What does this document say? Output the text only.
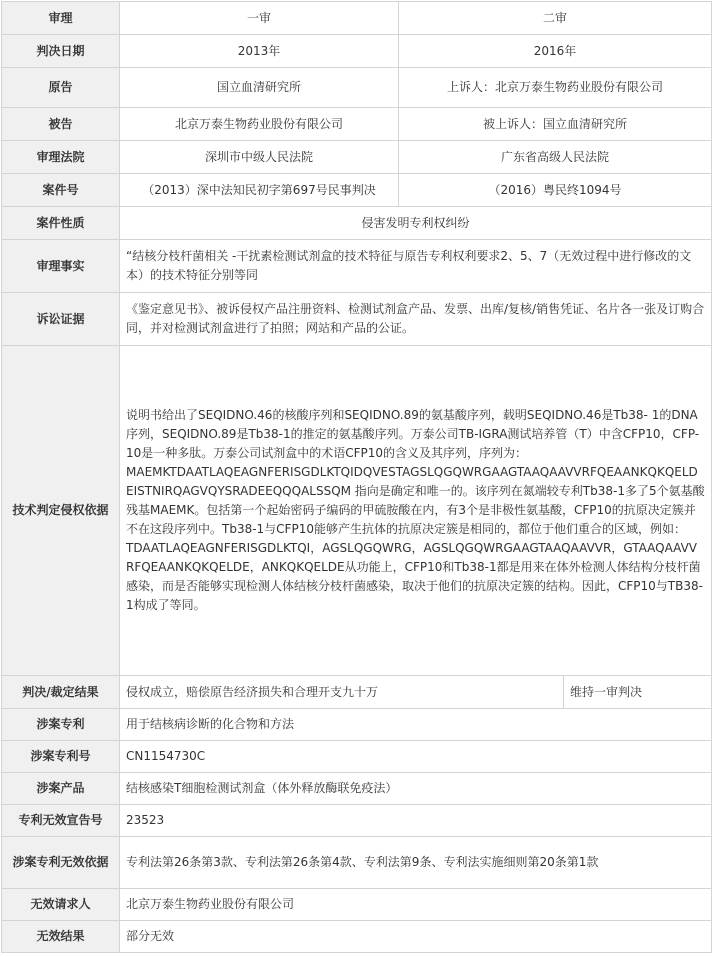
审理	一审	二审	
判决日期	2013年	2016年	
原告	国立血清研究所	上诉人：北京万泰生物药业股份有限公司	
被告	北京万泰生物药业股份有限公司	被上诉人：国立血清研究所	
审理法院	深圳市中级人民法院	广东省高级人民法院	
案件号	（2013）深中法知民初字第697号民事判决	（2016）粤民终1094号	
案件性质	侵害发明专利权纠纷		
审理事实	“结核分枝杆菌相关 -干扰素检测试剂盒的技术特征与原告专利权利要求2、5、7（无效过程中进行修改的文本）的技术特征分别等同		
诉讼证据	《鉴定意见书》、被诉侵权产品注册资料、检测试剂盒产品、发票、出库/复核/销售凭证、名片各一张及订购合同，并对检测试剂盒进行了拍照；网站和产品的公证。		
技术判定侵权依据	说明书给出了SEQIDNO.46的核酸序列和SEQIDNO.89的氨基酸序列，载明SEQIDNO.46是Tb38- 1的DNA序列，SEQIDNO.89是Tb38-1的推定的氨基酸序列。万泰公司TB-IGRA测试培养管（T）中含CFP10，CFP- 10是一种多肽。万泰公司试剂盒中的术语CFP10的含义及其序列，序列为：
MAEMKTDAATLAQEAGNFERISGDLKTQIDQVESTAGSLQGQWRGAAGTAAQAAVVRFQEAANKQKQELDEISTNIRQAGVQYSRADEEQQQALSSQM 指向是确定和唯一的。该序列在氮端较专利Tb38-1多了5个氨基酸残基MAEMK。包括第一个起始密码子编码的甲硫胺酸在内，有3个是非极性氨基酸，CFP10的抗原决定簇并不在这段序列中。Tb38-1与CFP10能够产生抗体的抗原决定簇是相同的，都位于他们重合的区域，例如：
TDAATLAQEAGNFERISGDLKTQI，AGSLQGQWRG，AGSLQGQWRGAAGTAAQAAVVR，GTAAQAAVVRFQEAANKQKQELDE，ANKQKQELDE从功能上，CFP10和Tb38-1都是用来在体外检测人体结构分枝杆菌感染，而是否能够实现检测人体结核分枝杆菌感染，取决于他们的抗原决定簇的结构。因此，CFP10与TB38-1构成了等同。		
判决/裁定结果	侵权成立，赔偿原告经济损失和合理开支九十万		维持一审判决
涉案专利	用于结核病诊断的化合物和方法		
涉案专利号	CN1154730C		
涉案产品	结核感染T细胞检测试剂盒（体外释放酶联免疫法）		
专利无效宣告号	23523		
涉案专利无效依据	专利法第26条第3款、专利法第26条第4款、专利法第9条、专利法实施细则第20条第1款		
无效请求人	北京万泰生物药业股份有限公司		
无效结果	部分无效		
